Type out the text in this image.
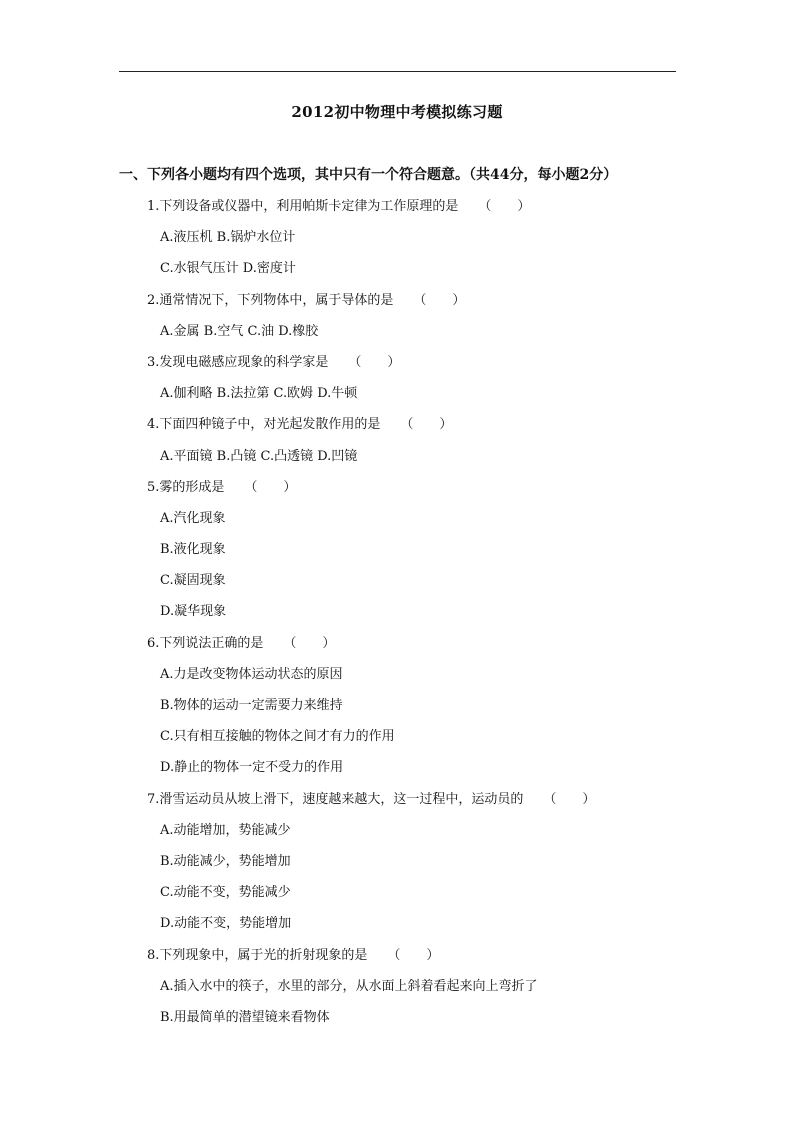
2012初中物理中考模拟练习题
一、下列各小题均有四个选项，其中只有一个符合题意。（共44分，每小题2分）
1.下列设备或仪器中，利用帕斯卡定律为工作原理的是 （　　）
A.液压机 B.锅炉水位计
C.水银气压计 D.密度计
2.通常情况下，下列物体中，属于导体的是 （　　）
A.金属 B.空气 C.油 D.橡胶
3.发现电磁感应现象的科学家是 （　　）
A.伽利略 B.法拉第 C.欧姆 D.牛顿
4.下面四种镜子中，对光起发散作用的是 （　　）
A.平面镜 B.凸镜 C.凸透镜 D.凹镜
5.雾的形成是 （　　）
A.汽化现象
B.液化现象
C.凝固现象
D.凝华现象
6.下列说法正确的是 （　　）
A.力是改变物体运动状态的原因
B.物体的运动一定需要力来维持
C.只有相互接触的物体之间才有力的作用
D.静止的物体一定不受力的作用
7.滑雪运动员从坡上滑下，速度越来越大，这一过程中，运动员的 （　　）
A.动能增加，势能减少
B.动能减少，势能增加
C.动能不变，势能减少
D.动能不变，势能增加
8.下列现象中，属于光的折射现象的是 （　　）
A.插入水中的筷子，水里的部分，从水面上斜着看起来向上弯折了
B.用最简单的潜望镜来看物体
